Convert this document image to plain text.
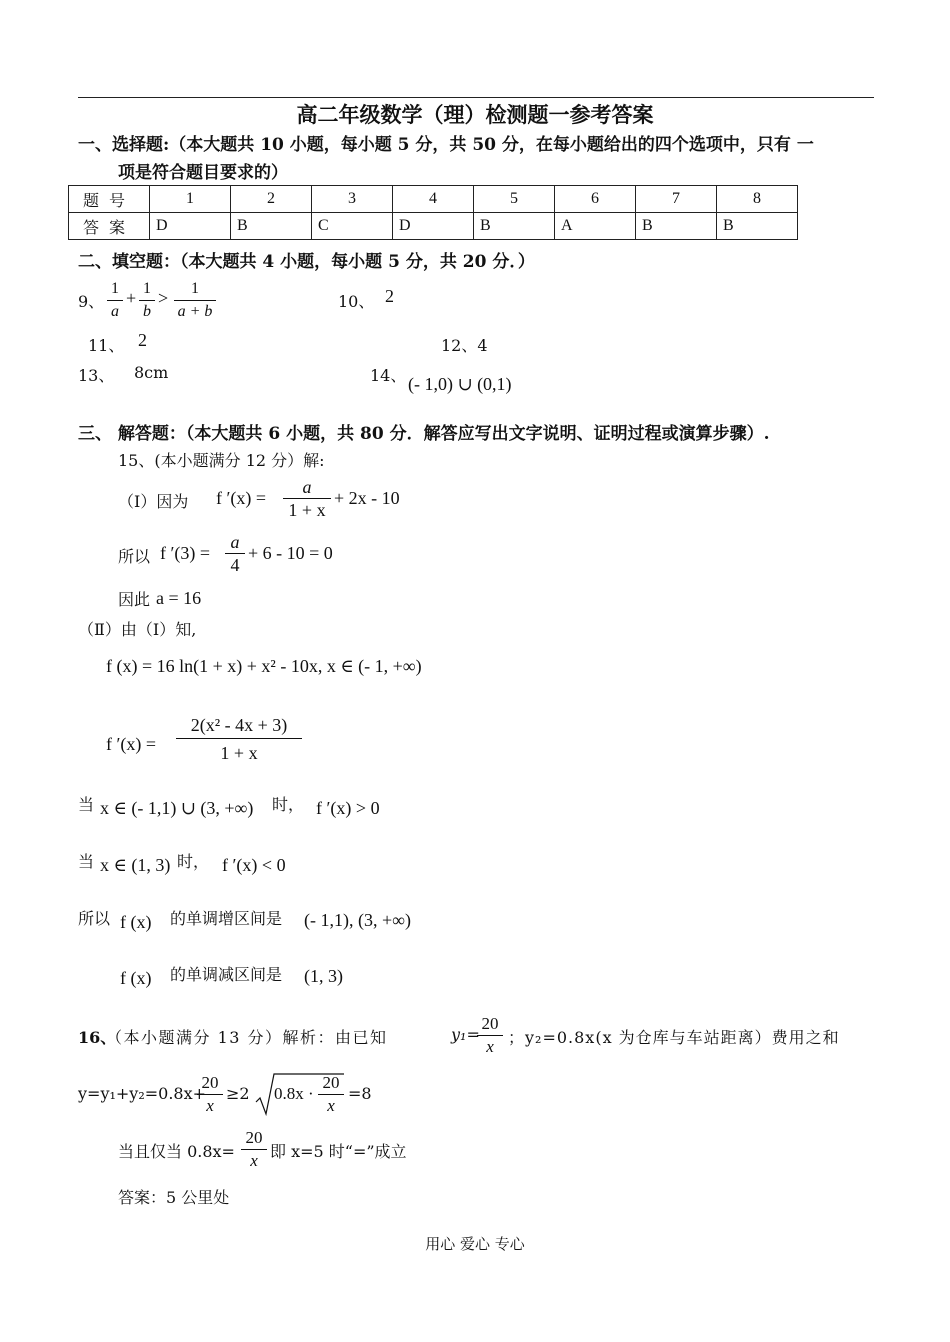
高二年级数学（理）检测题一参考答案
一、选择题:（本大题共 10 小题，每小题 5 分，共 50 分，在每小题给出的四个选项中，只有 一
项是符合题目要求的）
题号	1	2	3	4	5	6	7	8
答案	D	B	C	D	B	A	B	B
二、填空题：（本大题共 4 小题，每小题 5 分，共 20 分．）
9、 $\frac{1}{a} + \frac{1}{b} > \frac{1}{a + b}$	10、 2
11、 2	12、4
13、 8cm	14、 (- 1,0) ∪ (0,1)
三、 解答题：（本大题共 6 小题，共 80 分．解答应写出文字说明、证明过程或演算步骤）.
15、(本小题满分 12 分）解:
（Ⅰ）因为 f $'(x) = \frac{a}{1 + x} + 2x - 10$
所以 f $'(3) = \frac{a}{4} + 6 - 10 = 0$
因此 a = 16
（Ⅱ）由（Ⅰ）知,
f (x) = 16 ln(1 + x) + x² - 10x, x ∈ (- 1, +∞)
f $'(x) = \frac{\text{2(x² - 4x + 3)}}{1 + x}$
当 x ∈ (- 1,1) ∪ (3, +∞) 时， f ′(x) > 0
当 x ∈ (1, 3) 时， f ′(x) < 0
所以 f (x) 的单调增区间是 (- 1,1), (3, +∞)
f (x) 的单调减区间是 (1, 3)
16、
（本小题满分 13 分）解析：由已知	y₁=
$\frac{20}{x}$ ；y₂=0.8x(x 为仓库与车站距离）费用之和
y=y₁+y₂=0.8x+
$\frac{20}{x} \ge 2$ $0.8x \cdot \frac{20}{x} =8$
当且仅当 $0.8x= \frac{20}{x}$ 即 x=5 时“=”成立
答案：5 公里处
用心 爱心 专心
